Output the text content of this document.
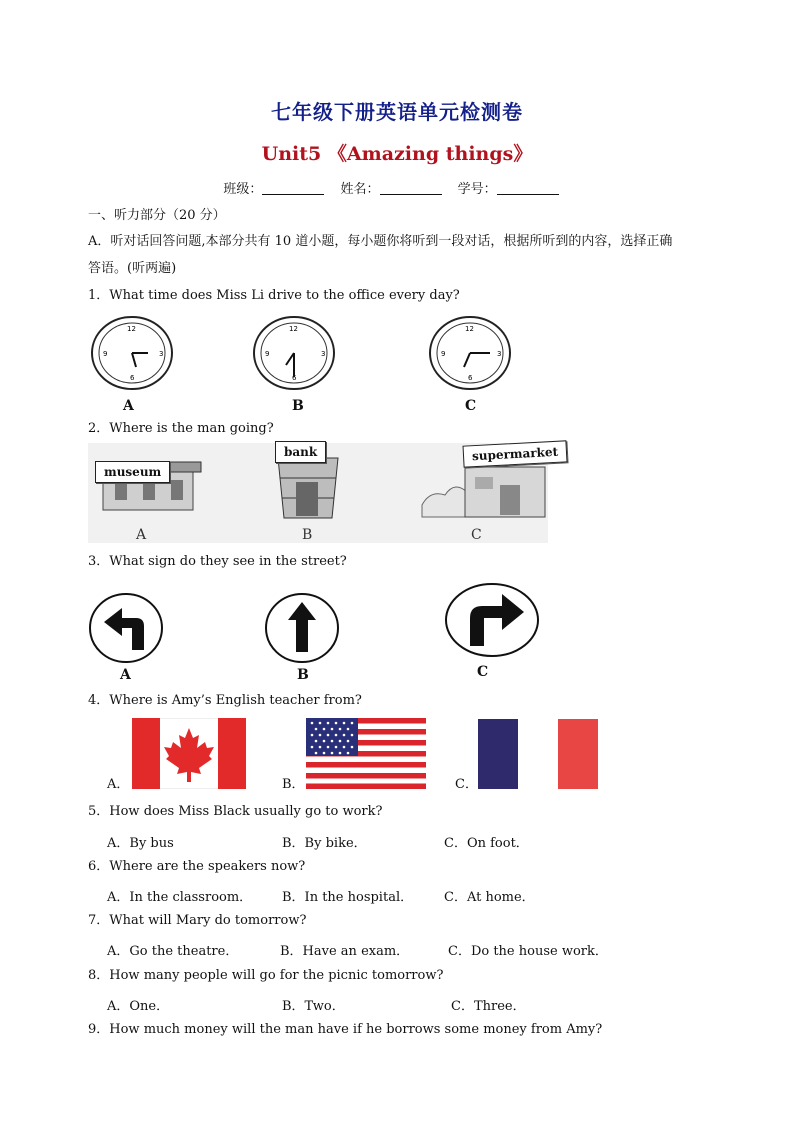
七年级下册英语单元检测卷
Unit5 《Amazing things》
班级：	姓名：	学号：
一、听力部分（20 分）
A．听对话回答问题,本部分共有 10 道小题，每小题你将听到一段对话，根据所听到的内容，选择正确
答语。(听两遍)
1．What time does Miss Li drive to the office every day?
12
3
6
9
12
3
6
9
12
3
6
9
A	B	C
2．Where is the man going?
museum
bank	supermarket
A	B	C
3．What sign do they see in the street?
A	B	C
4．Where is Amy’s English teacher from?
A．	B．	C．
5．How does Miss Black usually go to work?
A．By bus	B．By bike．	C．On foot．
6．Where are the speakers now?
A．In the classroom． B．In the hospital． C．At home．
7．What will Mary do tomorrow?
A．Go the theatre．	B．Have an exam．	C．Do the house work．
8．How many people will go for the picnic tomorrow?
A．One．	B．Two．	C．Three．
9．How much money will the man have if he borrows some money from Amy?
